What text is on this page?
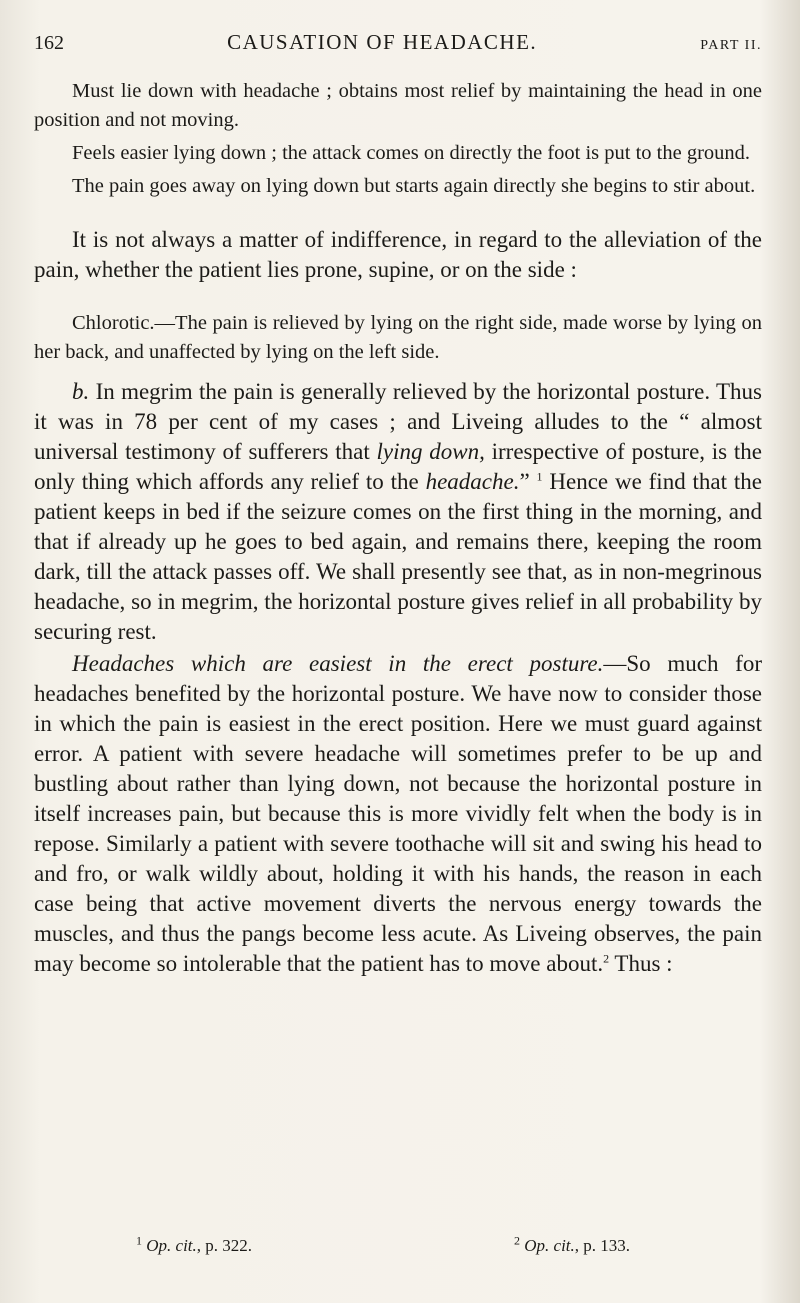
162	CAUSATION OF HEADACHE.	PART II.

Must lie down with headache ; obtains most relief by maintaining the head in one position and not moving.

Feels easier lying down ; the attack comes on directly the foot is put to the ground.

The pain goes away on lying down but starts again directly she begins to stir about.

It is not always a matter of indifference, in regard to the alleviation of the pain, whether the patient lies prone, supine, or on the side :

Chlorotic.—The pain is relieved by lying on the right side, made worse by lying on her back, and unaffected by lying on the left side.

b. In megrim the pain is generally relieved by the horizontal posture. Thus it was in 78 per cent of my cases ; and Liveing alludes to the “ almost universal testimony of sufferers that lying down, irrespective of posture, is the only thing which affords any relief to the headache.” $^1$ Hence we find that the patient keeps in bed if the seizure comes on the first thing in the morning, and that if already up he goes to bed again, and remains there, keeping the room dark, till the attack passes off. We shall presently see that, as in non-megrinous headache, so in megrim, the horizontal posture gives relief in all probability by securing rest.

Headaches which are easiest in the erect posture.—So much for headaches benefited by the horizontal posture. We have now to consider those in which the pain is easiest in the erect position. Here we must guard against error. A patient with severe headache will sometimes prefer to be up and bustling about rather than lying down, not because the horizontal posture in itself increases pain, but because this is more vividly felt when the body is in repose. Similarly a patient with severe toothache will sit and swing his head to and fro, or walk wildly about, holding it with his hands, the reason in each case being that active movement diverts the nervous energy towards the muscles, and thus the pangs become less acute. As Liveing observes, the pain may become so intolerable that the patient has to move about.$^2$ Thus :

$^1$ Op. cit., p. 322.	$^2$ Op. cit., p. 133.
